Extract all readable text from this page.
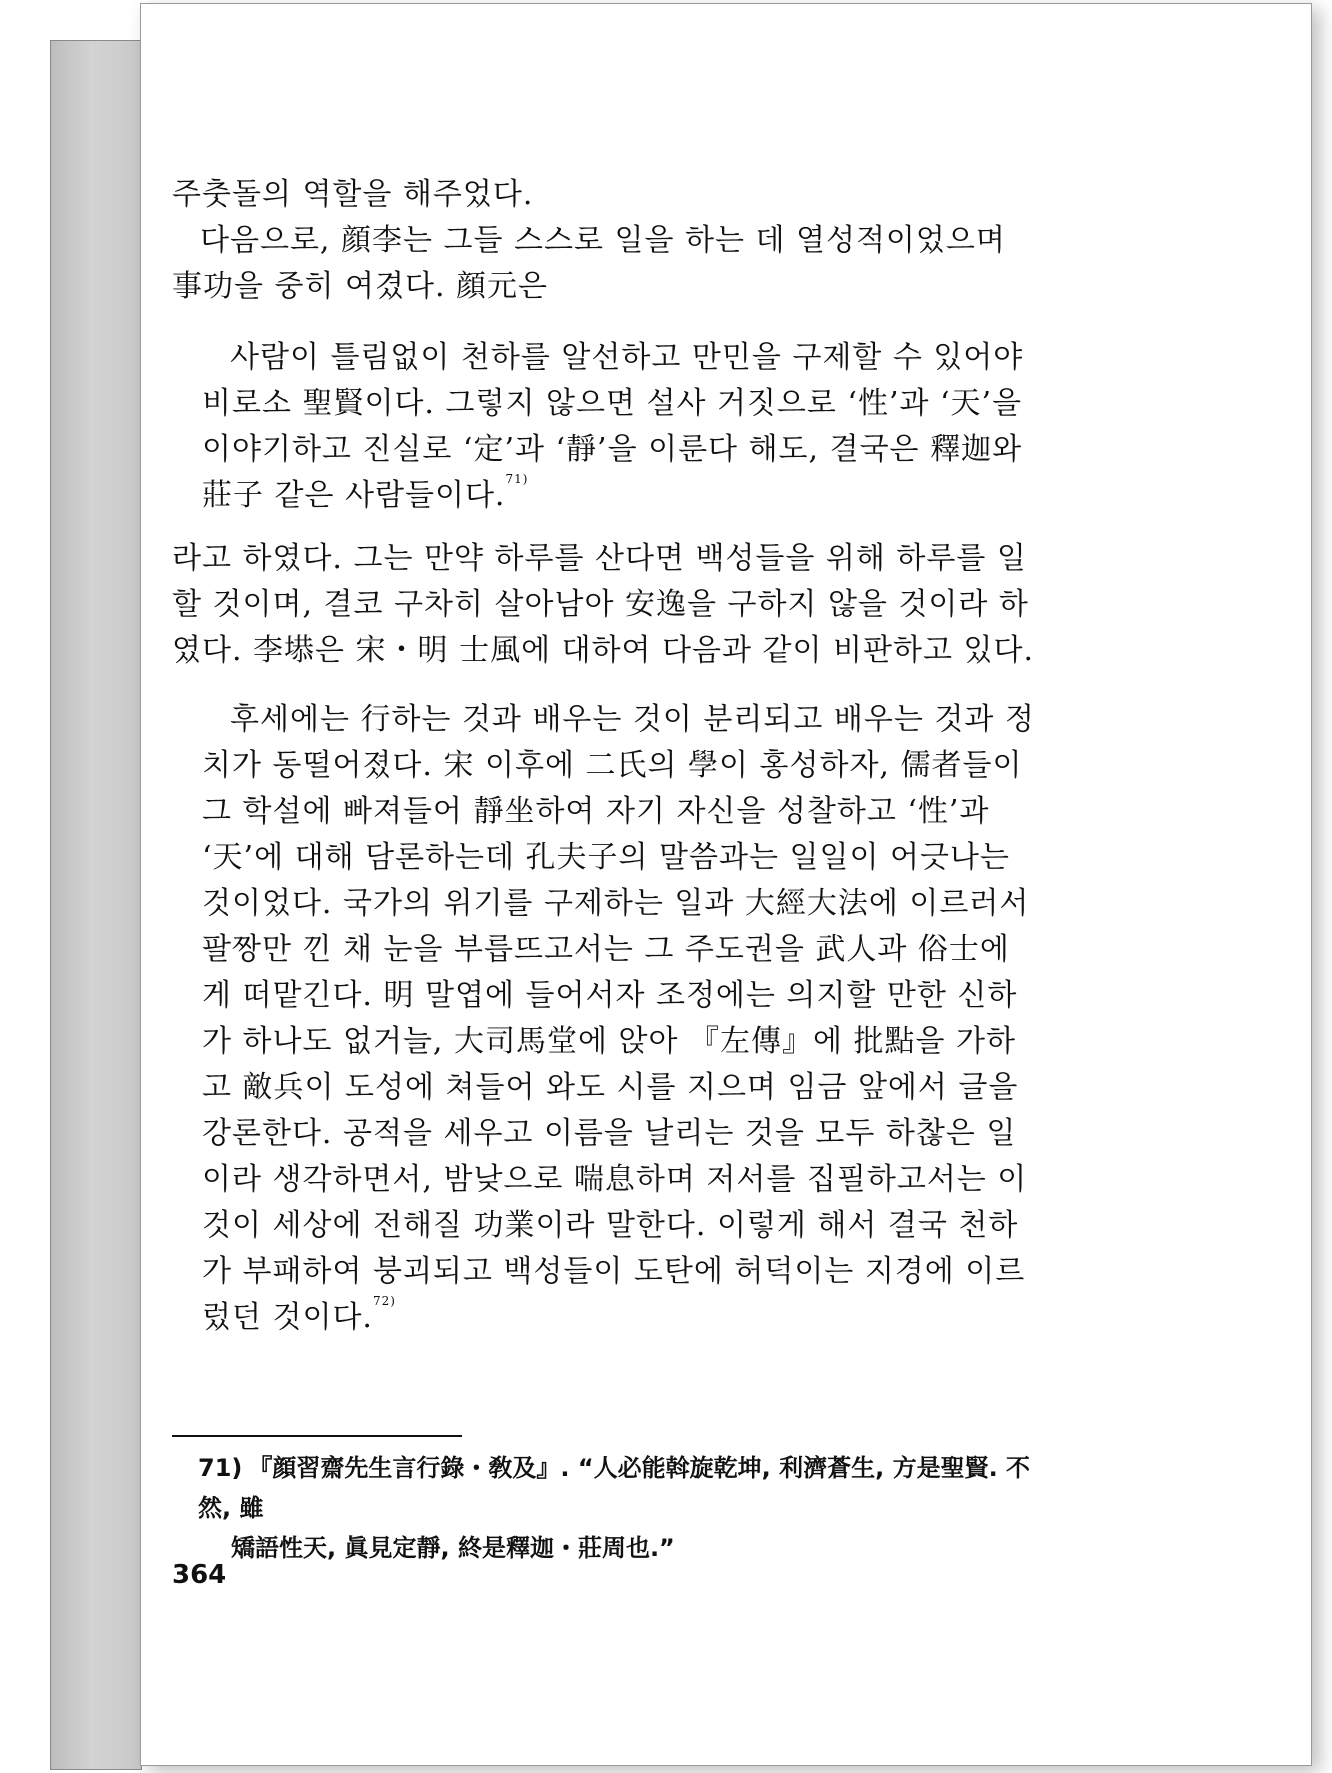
주춧돌의 역할을 해주었다.

다음으로, 顔李는 그들 스스로 일을 하는 데 열성적이었으며 事功을 중히 여겼다. 顔元은

사람이 틀림없이 천하를 알선하고 만민을 구제할 수 있어야 비로소 聖賢이다. 그렇지 않으면 설사 거짓으로 ‘性’과 ‘天’을 이야기하고 진실로 ‘定’과 ‘靜’을 이룬다 해도, 결국은 釋迦와 莊子 같은 사람들이다.$^{71)}$

라고 하였다. 그는 만약 하루를 산다면 백성들을 위해 하루를 일할 것이며, 결코 구차히 살아남아 安逸을 구하지 않을 것이라 하였다. 李塨은 宋・明 士風에 대하여 다음과 같이 비판하고 있다.

후세에는 行하는 것과 배우는 것이 분리되고 배우는 것과 정치가 동떨어졌다. 宋 이후에 二氏의 學이 홍성하자, 儒者들이 그 학설에 빠져들어 靜坐하여 자기 자신을 성찰하고 ‘性’과 ‘天’에 대해 담론하는데 孔夫子의 말씀과는 일일이 어긋나는 것이었다. 국가의 위기를 구제하는 일과 大經大法에 이르러서 팔짱만 낀 채 눈을 부릅뜨고서는 그 주도권을 武人과 俗士에게 떠맡긴다. 明 말엽에 들어서자 조정에는 의지할 만한 신하가 하나도 없거늘, 大司馬堂에 앉아 『左傳』에 批點을 가하고 敵兵이 도성에 쳐들어 와도 시를 지으며 임금 앞에서 글을 강론한다. 공적을 세우고 이름을 날리는 것을 모두 하찮은 일이라 생각하면서, 밤낮으로 喘息하며 저서를 집필하고서는 이것이 세상에 전해질 功業이라 말한다. 이렇게 해서 결국 천하가 부패하여 붕괴되고 백성들이 도탄에 허덕이는 지경에 이르렀던 것이다.$^{72)}$

71) 『顔習齋先生言行錄・敎及』. “人必能斡旋乾坤, 利濟蒼生, 方是聖賢. 不然, 雖
矯語性天, 眞見定靜, 終是釋迦・莊周也.”
364
